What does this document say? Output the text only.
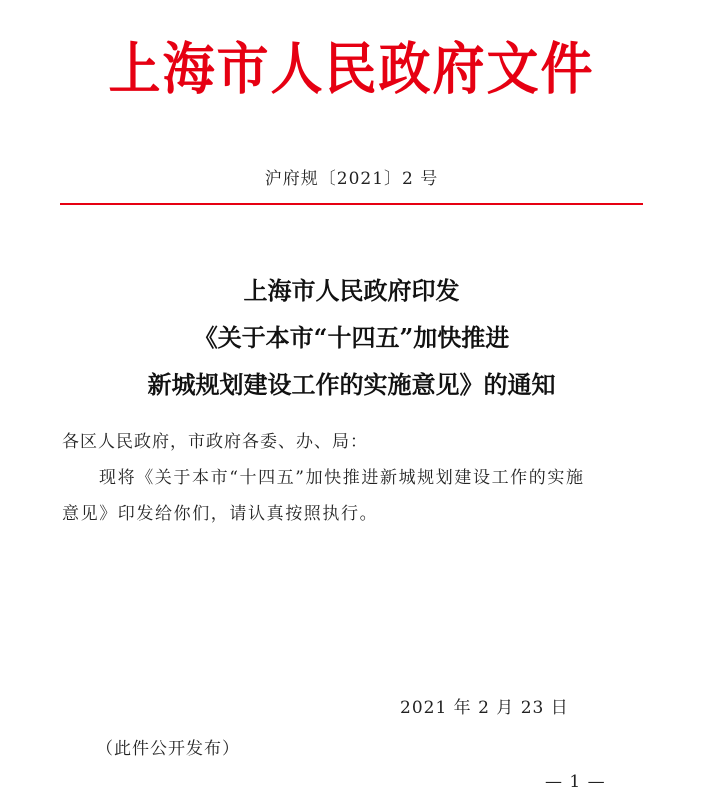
上海市人民政府文件
沪府规〔2021〕2 号
上海市人民政府印发
《关于本市“十四五”加快推进
新城规划建设工作的实施意见》的通知
各区人民政府，市政府各委、办、局：
现将《关于本市“十四五”加快推进新城规划建设工作的实施
意见》印发给你们，请认真按照执行。
2021 年 2 月 23 日
（此件公开发布）
— 1 —
